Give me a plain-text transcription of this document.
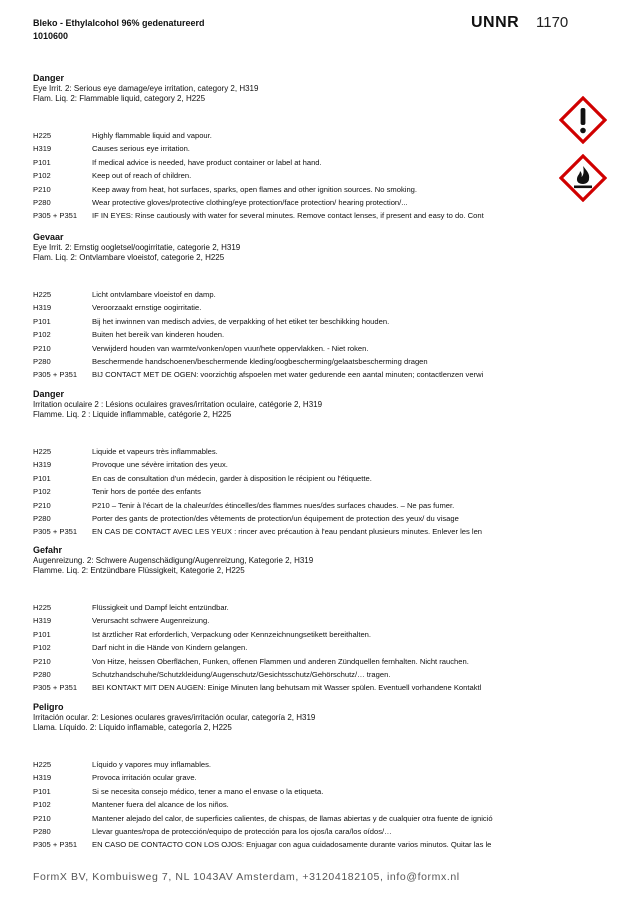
Bleko - Ethylalcohol 96% gedenatureerd
1010600
UNNR 1170
Danger
Eye Irrit. 2: Serious eye damage/eye irritation, category 2, H319
Flam. Liq. 2: Flammable liquid, category 2, H225
H225	Highly flammable liquid and vapour.
H319	Causes serious eye irritation.
P101	If medical advice is needed, have product container or label at hand.
P102	Keep out of reach of children.
P210	Keep away from heat, hot surfaces, sparks, open flames and other ignition sources. No smoking.
P280	Wear protective gloves/protective clothing/eye protection/face protection/ hearing protection/...
P305 + P351	IF IN EYES: Rinse cautiously with water for several minutes. Remove contact lenses, if present and easy to do. Cont
Gevaar
Eye Irrit. 2: Ernstig oogletsel/oogirritatie, categorie 2, H319
Flam. Liq. 2: Ontvlambare vloeistof, categorie 2, H225
H225	Licht ontvlambare vloeistof en damp.
H319	Veroorzaakt ernstige oogirritatie.
P101	Bij het inwinnen van medisch advies, de verpakking of het etiket ter beschikking houden.
P102	Buiten het bereik van kinderen houden.
P210	Verwijderd houden van warmte/vonken/open vuur/hete oppervlakken. - Niet roken.
P280	Beschermende handschoenen/beschermende kleding/oogbescherming/gelaatsbescherming dragen
P305 + P351	BIJ CONTACT MET DE OGEN: voorzichtig afspoelen met water gedurende een aantal minuten; contactlenzen verwi
Danger
Irritation oculaire 2 : Lésions oculaires graves/irritation oculaire, catégorie 2, H319
Flamme. Liq. 2 : Liquide inflammable, catégorie 2, H225
H225	Liquide et vapeurs très inflammables.
H319	Provoque une sévère irritation des yeux.
P101	En cas de consultation d'un médecin, garder à disposition le récipient ou l'étiquette.
P102	Tenir hors de portée des enfants
P210	P210 – Tenir à l'écart de la chaleur/des étincelles/des flammes nues/des surfaces chaudes. – Ne pas fumer.
P280	Porter des gants de protection/des vêtements de protection/un équipement de protection des yeux/ du visage
P305 + P351	EN CAS DE CONTACT AVEC LES YEUX : rincer avec précaution à l'eau pendant plusieurs minutes. Enlever les len
Gefahr
Augenreizung. 2: Schwere Augenschädigung/Augenreizung, Kategorie 2, H319
Flamme. Liq. 2: Entzündbare Flüssigkeit, Kategorie 2, H225
H225	Flüssigkeit und Dampf leicht entzündbar.
H319	Verursacht schwere Augenreizung.
P101	Ist ärztlicher Rat erforderlich, Verpackung oder Kennzeichnungsetikett bereithalten.
P102	Darf nicht in die Hände von Kindern gelangen.
P210	Von Hitze, heissen Oberflächen, Funken, offenen Flammen und anderen Zündquellen fernhalten. Nicht rauchen.
P280	Schutzhandschuhe/Schutzkleidung/Augenschutz/Gesichtsschutz/Gehörschutz/… tragen.
P305 + P351	BEI KONTAKT MIT DEN AUGEN: Einige Minuten lang behutsam mit Wasser spülen. Eventuell vorhandene Kontaktl
Peligro
Irritación ocular. 2: Lesiones oculares graves/irritación ocular, categoría 2, H319
Llama. Líquido. 2: Líquido inflamable, categoría 2, H225
H225	Líquido y vapores muy inflamables.
H319	Provoca irritación ocular grave.
P101	Si se necesita consejo médico, tener a mano el envase o la etiqueta.
P102	Mantener fuera del alcance de los niños.
P210	Mantener alejado del calor, de superficies calientes, de chispas, de llamas abiertas y de cualquier otra fuente de ignició
P280	Llevar guantes/ropa de protección/equipo de protección para los ojos/la cara/los oídos/…
P305 + P351	EN CASO DE CONTACTO CON LOS OJOS: Enjuagar con agua cuidadosamente durante varios minutos. Quitar las le
FormX BV, Kombuisweg 7, NL 1043AV Amsterdam, +31204182105, info@formx.nl
